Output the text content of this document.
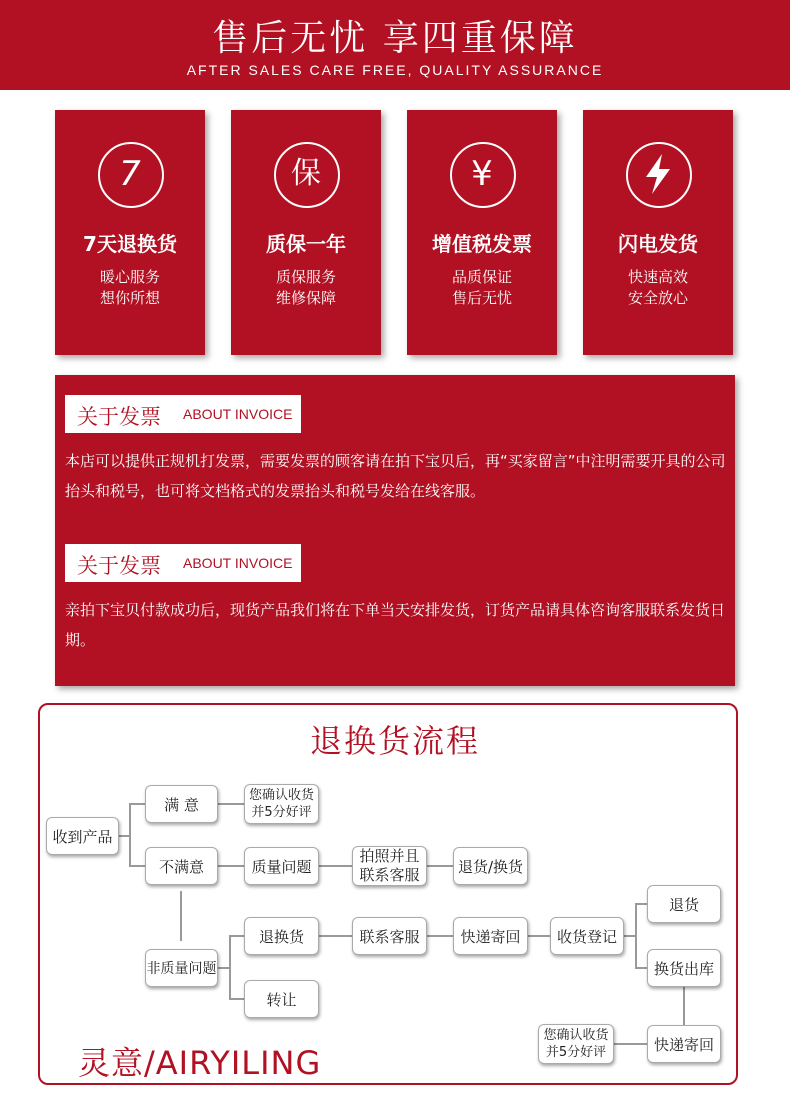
售后无忧 享四重保障
AFTER SALES CARE FREE, QUALITY ASSURANCE
7
7天退换货
暖心服务
想你所想
保
质保一年
质保服务
维修保障
¥
增值税发票
品质保证
售后无忧
闪电发货
快速高效
安全放心
关于发票 ABOUT INVOICE
本店可以提供正规机打发票，需要发票的顾客请在拍下宝贝后，再“买家留言”中注明需要开具的公司抬头和税号，也可将文档格式的发票抬头和税号发给在线客服。
关于发票 ABOUT INVOICE
亲拍下宝贝付款成功后，现货产品我们将在下单当天安排发货，订货产品请具体咨询客服联系发货日期。
退换货流程
收到产品
满 意	您确认收货并5分好评
不满意	质量问题
拍照并且联系客服	退货/换货
非质量问题
退换货	联系客服	快递寄回	收货登记
退货
换货出库
快递寄回
您确认收货并5分好评
转让
灵意/AIRYILING
